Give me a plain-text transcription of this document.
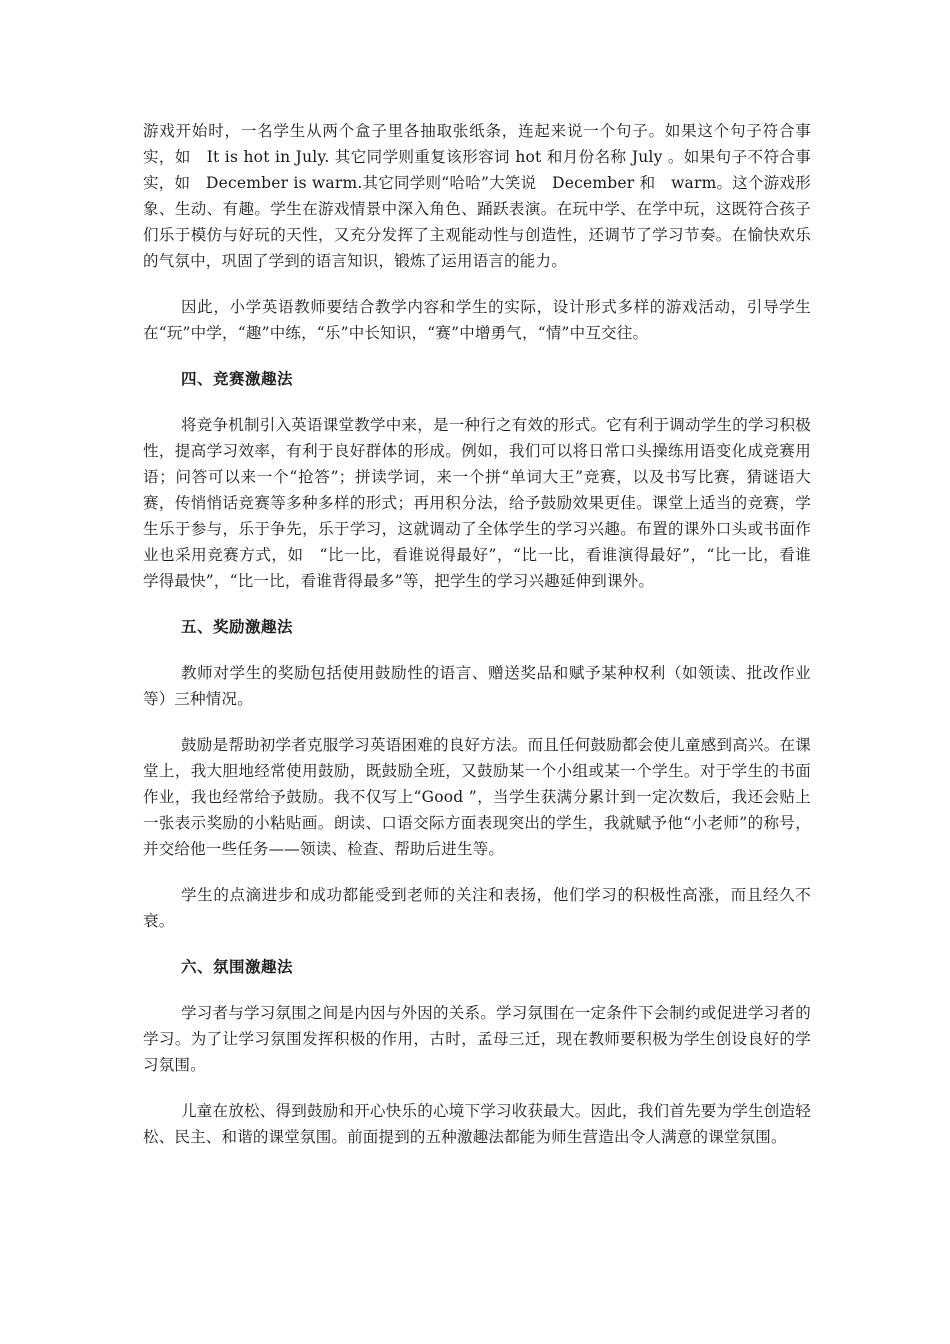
游戏开始时，一名学生从两个盒子里各抽取张纸条，连起来说一个句子。如果这个句子符合事实，如　It is hot in July. 其它同学则重复该形容词 hot 和月份名称 July 。如果句子不符合事实，如　December is warm.其它同学则“哈哈”大笑说　December 和　warm。这个游戏形象、生动、有趣。学生在游戏情景中深入角色、踊跃表演。在玩中学、在学中玩，这既符合孩子们乐于模仿与好玩的天性，又充分发挥了主观能动性与创造性，还调节了学习节奏。在愉快欢乐的气氛中，巩固了学到的语言知识，锻炼了运用语言的能力。

因此，小学英语教师要结合教学内容和学生的实际，设计形式多样的游戏活动，引导学生在“玩”中学，“趣”中练，“乐”中长知识，“赛”中增勇气，“情”中互交往。

四、竞赛激趣法

将竞争机制引入英语课堂教学中来，是一种行之有效的形式。它有利于调动学生的学习积极性，提高学习效率，有利于良好群体的形成。例如，我们可以将日常口头操练用语变化成竞赛用语；问答可以来一个“抢答”；拼读学词，来一个拼“单词大王”竞赛，以及书写比赛，猜谜语大赛，传悄悄话竞赛等多种多样的形式；再用积分法，给予鼓励效果更佳。课堂上适当的竞赛，学生乐于参与，乐于争先，乐于学习，这就调动了全体学生的学习兴趣。布置的课外口头或书面作业也采用竞赛方式，如　“比一比，看谁说得最好”，“比一比，看谁演得最好”，“比一比，看谁学得最快”，“比一比，看谁背得最多”等，把学生的学习兴趣延伸到课外。

五、奖励激趣法

教师对学生的奖励包括使用鼓励性的语言、赠送奖品和赋予某种权利（如领读、批改作业等）三种情况。

鼓励是帮助初学者克服学习英语困难的良好方法。而且任何鼓励都会使儿童感到高兴。在课堂上，我大胆地经常使用鼓励，既鼓励全班，又鼓励某一个小组或某一个学生。对于学生的书面作业，我也经常给予鼓励。我不仅写上“Good ”，当学生获满分累计到一定次数后，我还会贴上一张表示奖励的小粘贴画。朗读、口语交际方面表现突出的学生，我就赋予他“小老师”的称号，并交给他一些任务——领读、检查、帮助后进生等。

学生的点滴进步和成功都能受到老师的关注和表扬，他们学习的积极性高涨，而且经久不衰。

六、氛围激趣法

学习者与学习氛围之间是内因与外因的关系。学习氛围在一定条件下会制约或促进学习者的学习。为了让学习氛围发挥积极的作用，古时，孟母三迁，现在教师要积极为学生创设良好的学习氛围。

儿童在放松、得到鼓励和开心快乐的心境下学习收获最大。因此，我们首先要为学生创造轻松、民主、和谐的课堂氛围。前面提到的五种激趣法都能为师生营造出令人满意的课堂氛围。
